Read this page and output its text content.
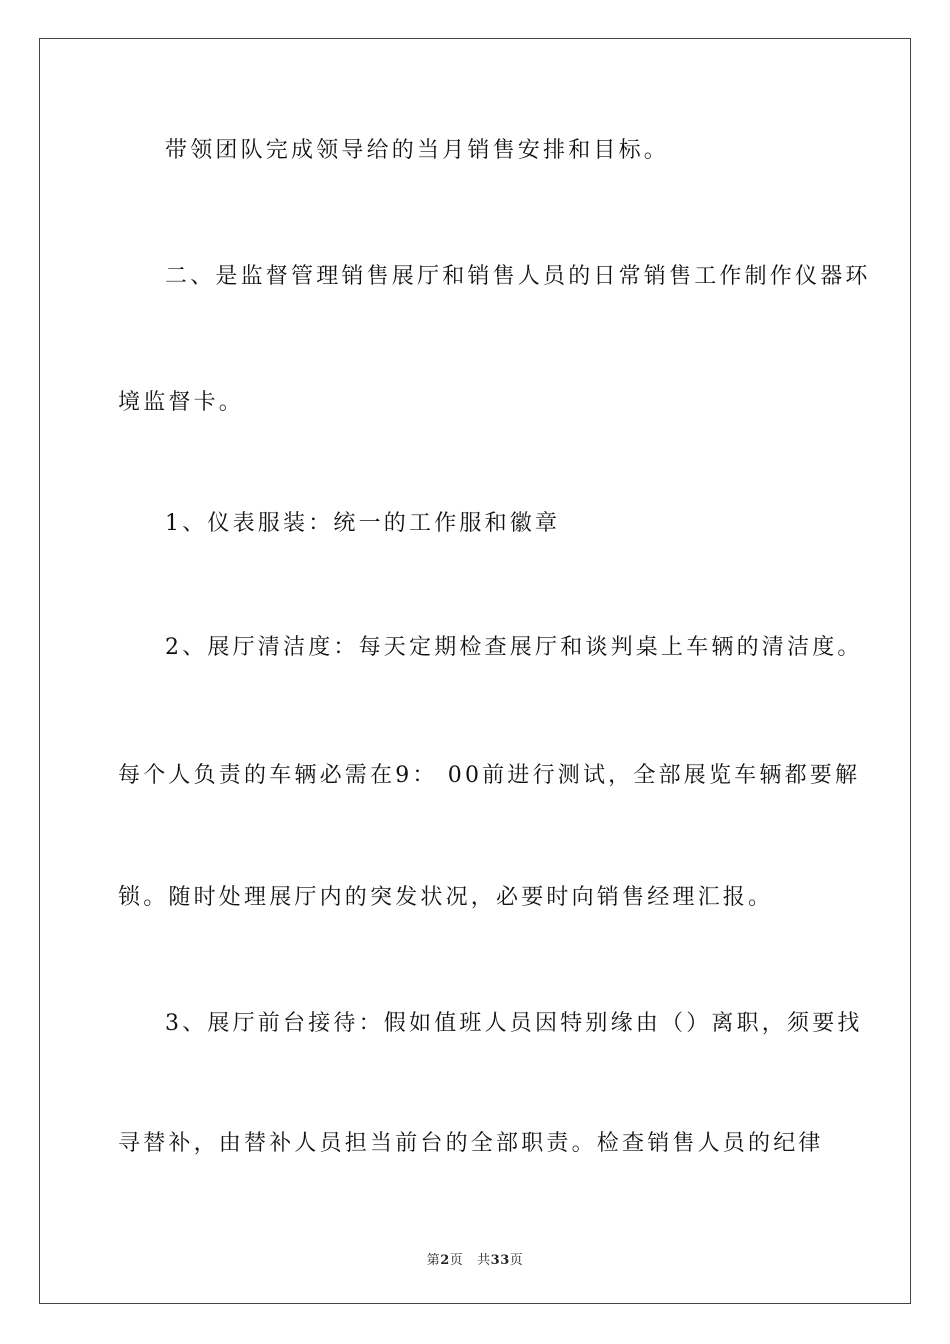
带领团队完成领导给的当月销售安排和目标。
二、是监督管理销售展厅和销售人员的日常销售工作制作仪器环
境监督卡。
1、仪表服装：统一的工作服和徽章
2、展厅清洁度：每天定期检查展厅和谈判桌上车辆的清洁度。
每个人负责的车辆必需在9： 00前进行测试，全部展览车辆都要解
锁。随时处理展厅内的突发状况，必要时向销售经理汇报。
3、展厅前台接待：假如值班人员因特别缘由（）离职，须要找
寻替补，由替补人员担当前台的全部职责。检查销售人员的纪律
第2页   共33页
